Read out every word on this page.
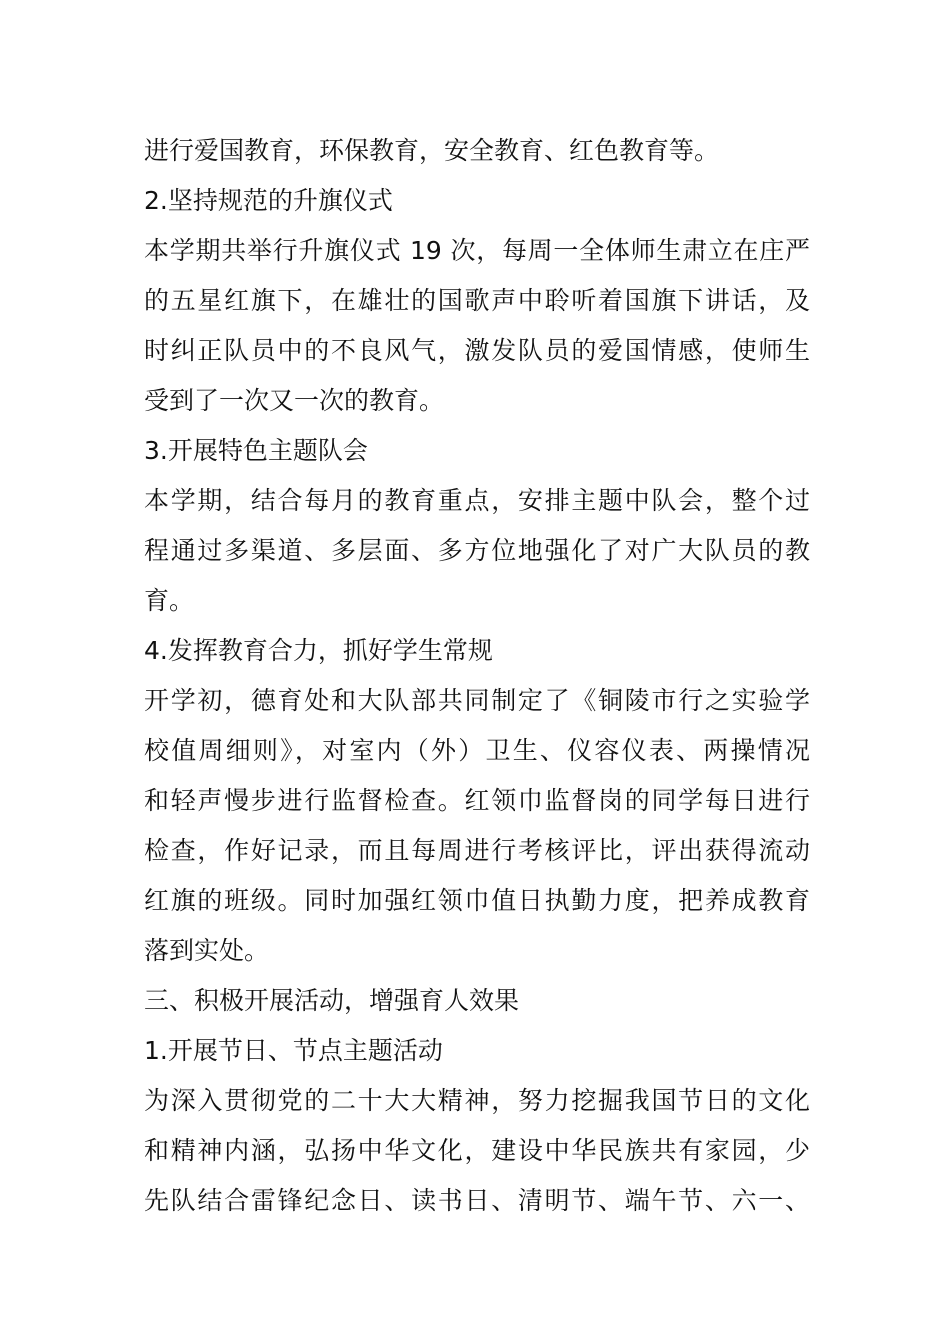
进行爱国教育，环保教育，安全教育、红色教育等。
2.坚持规范的升旗仪式
本学期共举行升旗仪式 19 次，每周一全体师生肃立在庄严
的五星红旗下，在雄壮的国歌声中聆听着国旗下讲话，及
时纠正队员中的不良风气，激发队员的爱国情感，使师生
受到了一次又一次的教育。
3.开展特色主题队会
本学期，结合每月的教育重点，安排主题中队会，整个过
程通过多渠道、多层面、多方位地强化了对广大队员的教
育。
4.发挥教育合力，抓好学生常规
开学初，德育处和大队部共同制定了《铜陵市行之实验学
校值周细则》，对室内（外）卫生、仪容仪表、两操情况
和轻声慢步进行监督检查。红领巾监督岗的同学每日进行
检查，作好记录，而且每周进行考核评比，评出获得流动
红旗的班级。同时加强红领巾值日执勤力度，把养成教育
落到实处。
三、积极开展活动，增强育人效果
1.开展节日、节点主题活动
为深入贯彻党的二十大大精神，努力挖掘我国节日的文化
和精神内涵，弘扬中华文化，建设中华民族共有家园，少
先队结合雷锋纪念日、读书日、清明节、端午节、六一、
